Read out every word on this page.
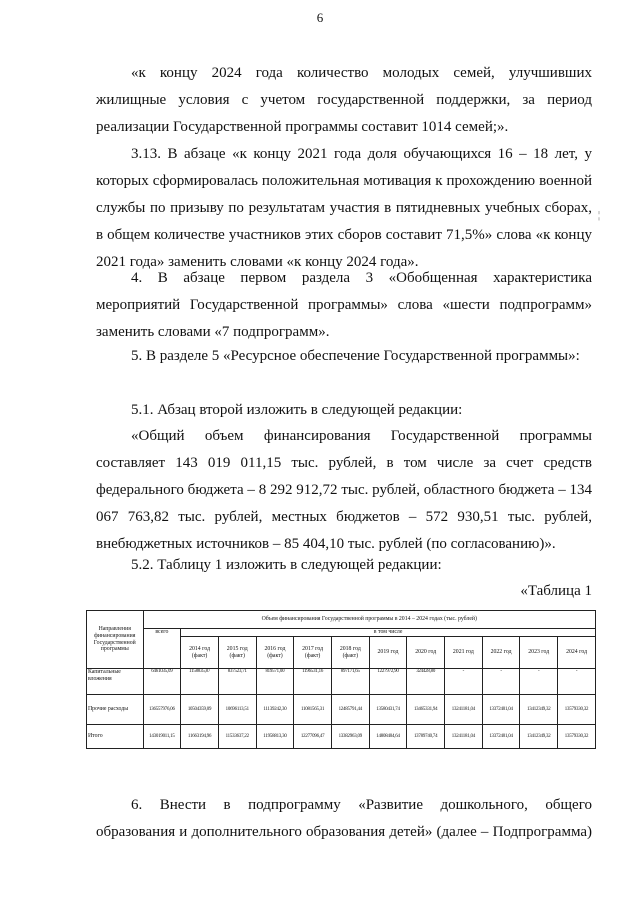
6
¦

«к концу 2024 года количество молодых семей, улучшивших жилищные условия с учетом государственной поддержки, за период реализации Государственной программы составит 1014 семей;».

3.13. В абзаце «к концу 2021 года доля обучающихся 16 – 18 лет, у которых сформировалась положительная мотивация к прохождению военной службы по призыву по результатам участия в пятидневных учебных сборах, в общем количестве участников этих сборов составит 71,5%» слова «к концу 2021 года» заменить словами «к концу 2024 года».

4. В абзаце первом раздела 3 «Обобщенная характеристика мероприятий Государственной программы» слова «шести подпрограмм» заменить словами «7 подпрограмм».

5. В разделе 5 «Ресурсное обеспечение Государственной программы»:

5.1. Абзац второй изложить в следующей редакции:

«Общий объем финансирования Государственной программы составляет 143 019 011,15 тыс. рублей, в том числе за счет средств федерального бюджета – 8 292 912,72 тыс. рублей, областного бюджета – 134 067 763,82 тыс. рублей, местных бюджетов – 572 930,51 тыс. рублей, внебюджетных источников – 85 404,10 тыс. рублей (по согласованию)».

5.2. Таблицу 1 изложить в следующей редакции:

«Таблица 1

Направления финансирования Государственной программы	Объем финансирования Государственной программы в 2014 – 2024 годах (тыс. рублей)											
	всего	в том числе										
		2014 год (факт)	2015 год (факт)	2016 год (факт)	2017 год (факт)	2018 год (факт)	2019 год	2020 год	2021 год	2022 год	2023 год	2024 год
Капитальные вложения	6461035,09	1158835,87	837523,71	819571,00	1196531,16	897171,65	1227972,90	324428,80	-	-	-	-
Прочие расходы	136557976,06	10504359,09	10696113,51	11139242,30	11081565,31	12485791,44	13580431,74	13465331,94	13241181,04	13372401,04	13412349,32	13579330,32
Итого	143019011,15	11663194,96	11533637,22	11958813,30	12277096,47	13382963,09	14808404,64	13789740,74	13241181,04	13372401,04	13412349,32	13579330,32

6. Внести в подпрограмму «Развитие дошкольного, общего образования и дополнительного образования детей» (далее – Подпрограмма)
